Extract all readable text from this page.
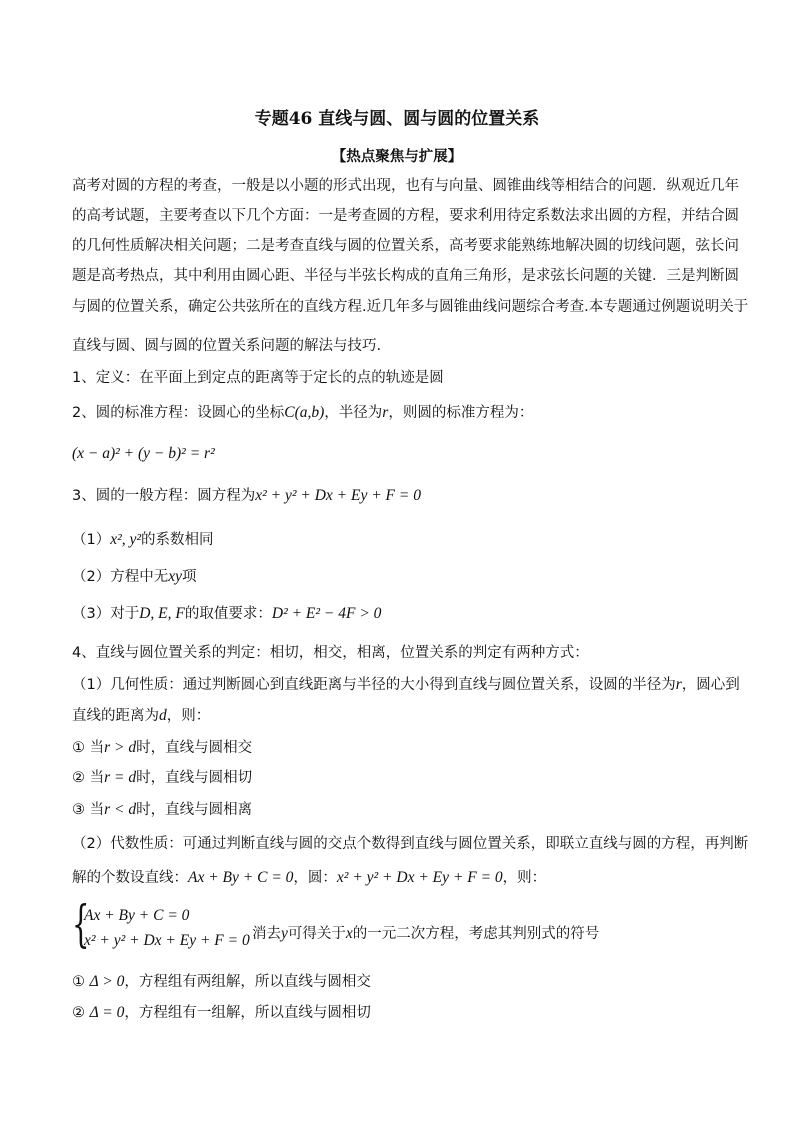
专题46 直线与圆、圆与圆的位置关系
【热点聚焦与扩展】
高考对圆的方程的考查，一般是以小题的形式出现，也有与向量、圆锥曲线等相结合的问题．纵观近几年
的高考试题，主要考查以下几个方面：一是考查圆的方程，要求利用待定系数法求出圆的方程，并结合圆
的几何性质解决相关问题；二是考查直线与圆的位置关系，高考要求能熟练地解决圆的切线问题，弦长问
题是高考热点，其中利用由圆心距、半径与半弦长构成的直角三角形，是求弦长问题的关键．三是判断圆
与圆的位置关系，确定公共弦所在的直线方程.近几年多与圆锥曲线问题综合考查.本专题通过例题说明关于
直线与圆、圆与圆的位置关系问题的解法与技巧.
1、定义：在平面上到定点的距离等于定长的点的轨迹是圆
2、圆的标准方程：设圆心的坐标C(a,b)，半径为r，则圆的标准方程为：
(x − a)² + (y − b)² = r²
3、圆的一般方程：圆方程为x² + y² + Dx + Ey + F = 0
（1）x², y²的系数相同
（2）方程中无xy项
（3）对于D, E, F的取值要求：D² + E² − 4F > 0
4、直线与圆位置关系的判定：相切，相交，相离，位置关系的判定有两种方式：
（1）几何性质：通过判断圆心到直线距离与半径的大小得到直线与圆位置关系，设圆的半径为r，圆心到
直线的距离为d，则：
① 当r > d时，直线与圆相交
② 当r = d时，直线与圆相切
③ 当r < d时，直线与圆相离
（2）代数性质：可通过判断直线与圆的交点个数得到直线与圆位置关系，即联立直线与圆的方程，再判断
解的个数设直线：Ax + By + C = 0，圆：x² + y² + Dx + Ey + F = 0，则：
{
Ax + By + C = 0
x² + y² + Dx + Ey + F = 0 消去y可得关于x的一元二次方程，考虑其判别式的符号
① Δ > 0，方程组有两组解，所以直线与圆相交
② Δ = 0，方程组有一组解，所以直线与圆相切
